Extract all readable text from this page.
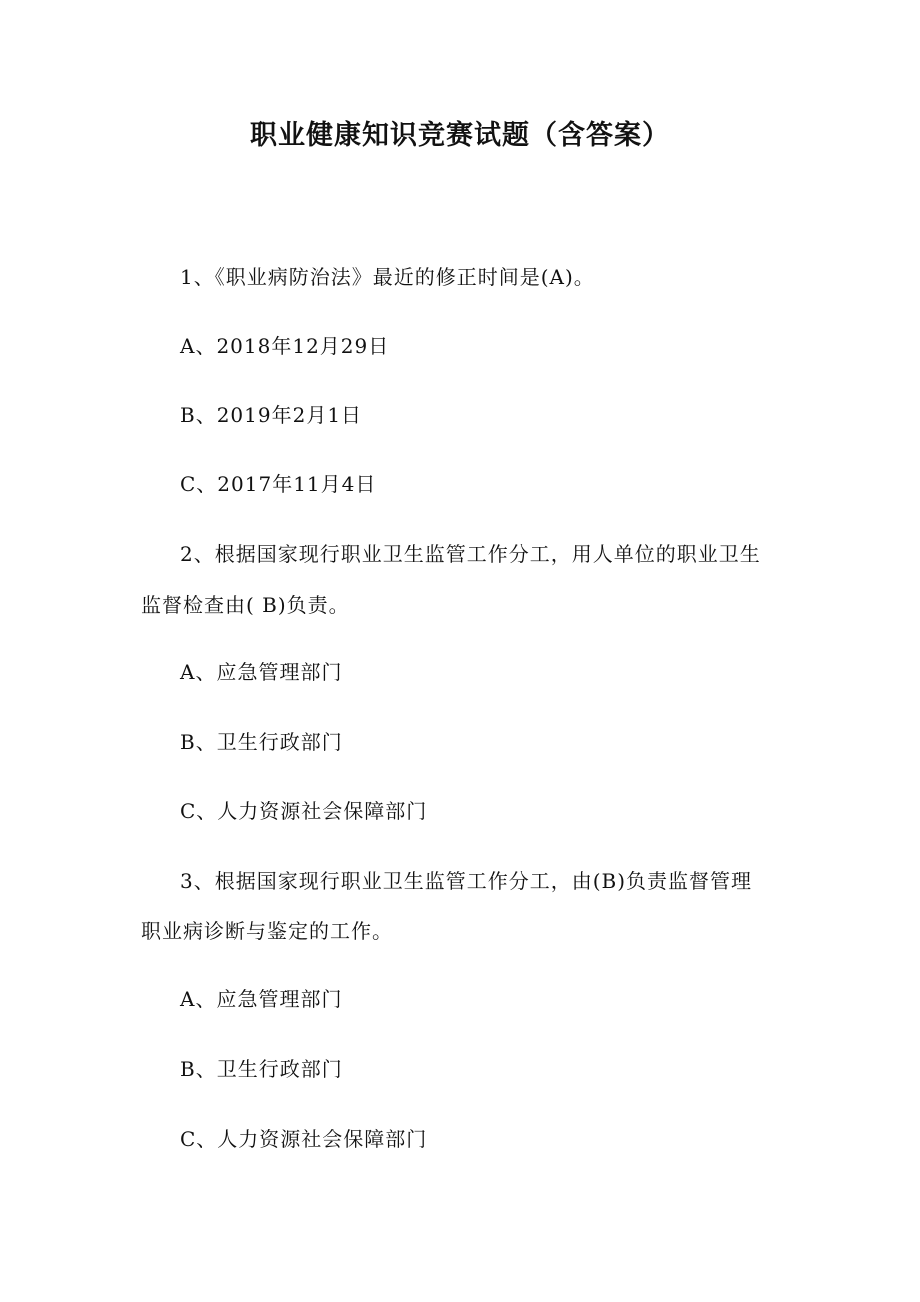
职业健康知识竞赛试题（含答案）
1、《职业病防治法》最近的修正时间是(A)。
A、2018年12月29日
B、2019年2月1日
C、2017年11月4日
2、根据国家现行职业卫生监管工作分工，用人单位的职业卫生
监督检查由( B)负责。
A、应急管理部门
B、卫生行政部门
C、人力资源社会保障部门
3、根据国家现行职业卫生监管工作分工，由(B)负责监督管理
职业病诊断与鉴定的工作。
A、应急管理部门
B、卫生行政部门
C、人力资源社会保障部门
